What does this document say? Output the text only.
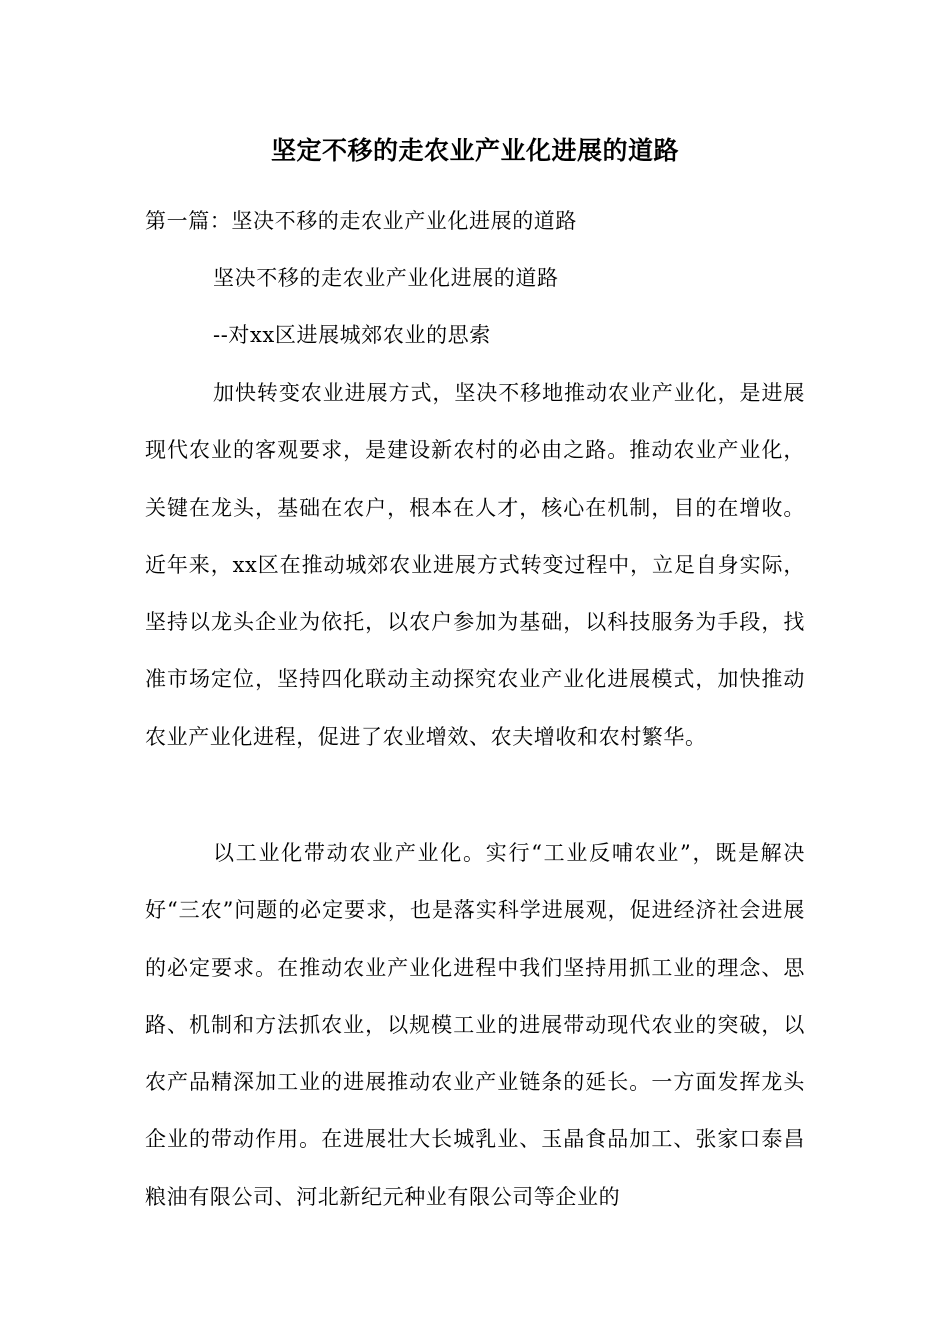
坚定不移的走农业产业化进展的道路
第一篇：坚决不移的走农业产业化进展的道路
坚决不移的走农业产业化进展的道路
--对xx区进展城郊农业的思索

加快转变农业进展方式，坚决不移地推动农业产业化，是进展现代农业的客观要求，是建设新农村的必由之路。推动农业产业化，关键在龙头，基础在农户，根本在人才，核心在机制，目的在增收。近年来，xx区在推动城郊农业进展方式转变过程中，立足自身实际，坚持以龙头企业为依托，以农户参加为基础，以科技服务为手段，找准市场定位，坚持四化联动主动探究农业产业化进展模式，加快推动农业产业化进程，促进了农业增效、农夫增收和农村繁华。

以工业化带动农业产业化。实行“工业反哺农业”，既是解决好“三农”问题的必定要求，也是落实科学进展观，促进经济社会进展的必定要求。在推动农业产业化进程中我们坚持用抓工业的理念、思路、机制和方法抓农业，以规模工业的进展带动现代农业的突破，以农产品精深加工业的进展推动农业产业链条的延长。一方面发挥龙头企业的带动作用。在进展壮大长城乳业、玉晶食品加工、张家口泰昌粮油有限公司、河北新纪元种业有限公司等企业的
